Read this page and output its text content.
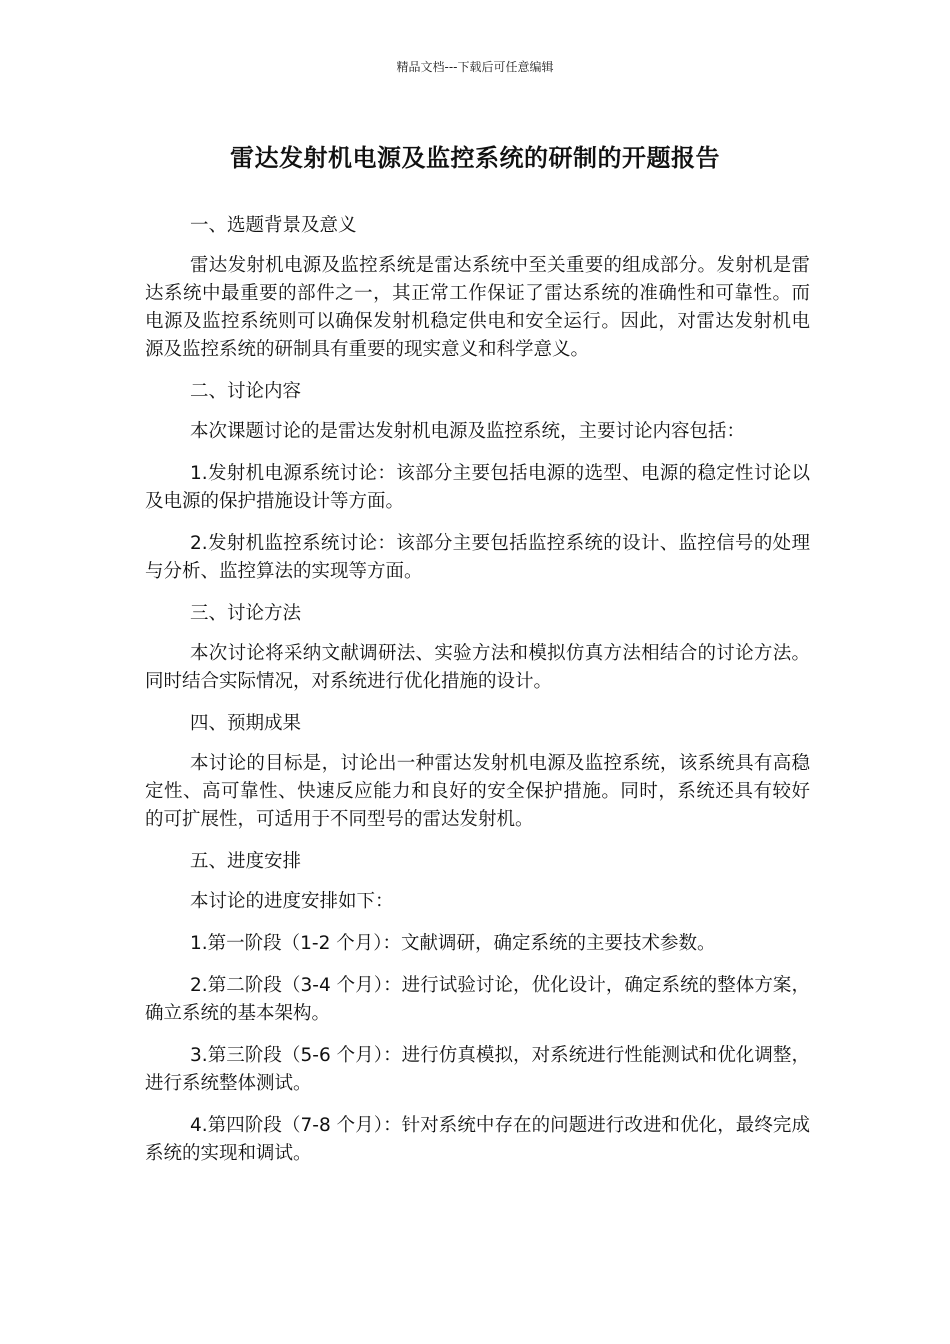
精品文档---下载后可任意编辑
雷达发射机电源及监控系统的研制的开题报告

一、选题背景及意义

雷达发射机电源及监控系统是雷达系统中至关重要的组成部分。发射机是雷达系统中最重要的部件之一，其正常工作保证了雷达系统的准确性和可靠性。而电源及监控系统则可以确保发射机稳定供电和安全运行。因此，对雷达发射机电源及监控系统的研制具有重要的现实意义和科学意义。

二、讨论内容

本次课题讨论的是雷达发射机电源及监控系统，主要讨论内容包括：

1.发射机电源系统讨论：该部分主要包括电源的选型、电源的稳定性讨论以及电源的保护措施设计等方面。

2.发射机监控系统讨论：该部分主要包括监控系统的设计、监控信号的处理与分析、监控算法的实现等方面。

三、讨论方法

本次讨论将采纳文献调研法、实验方法和模拟仿真方法相结合的讨论方法。同时结合实际情况，对系统进行优化措施的设计。

四、预期成果

本讨论的目标是，讨论出一种雷达发射机电源及监控系统，该系统具有高稳定性、高可靠性、快速反应能力和良好的安全保护措施。同时，系统还具有较好的可扩展性，可适用于不同型号的雷达发射机。

五、进度安排

本讨论的进度安排如下：

1.第一阶段（1-2 个月）：文献调研，确定系统的主要技术参数。

2.第二阶段（3-4 个月）：进行试验讨论，优化设计，确定系统的整体方案，确立系统的基本架构。

3.第三阶段（5-6 个月）：进行仿真模拟，对系统进行性能测试和优化调整，进行系统整体测试。

4.第四阶段（7-8 个月）：针对系统中存在的问题进行改进和优化，最终完成系统的实现和调试。
